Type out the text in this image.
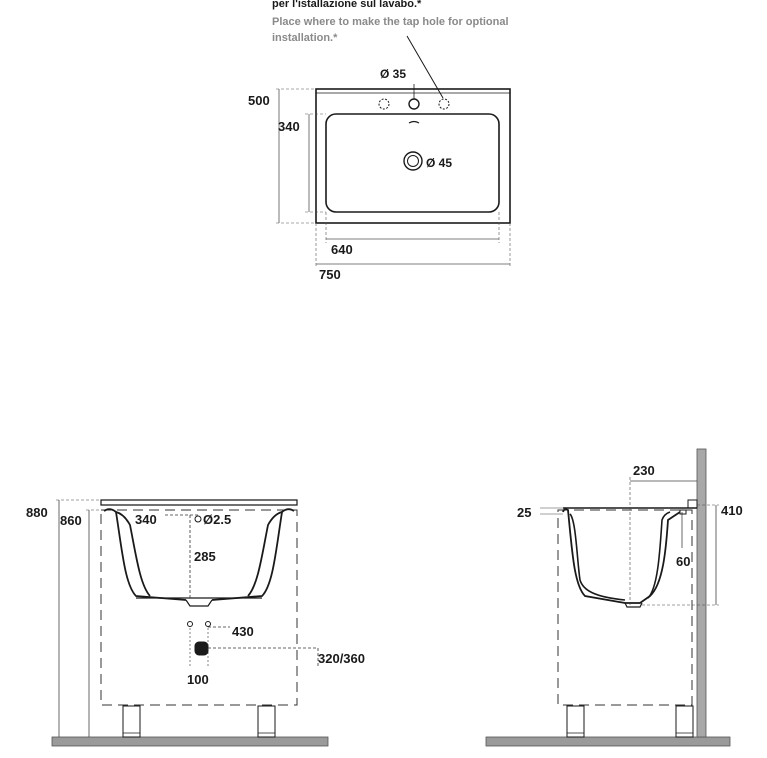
per l'istallazione sul lavabo.*
Place where to make the tap hole for optional
installation.*
Ø 35
Ø 45
500
340
640
750
880
860	340	Ø2.5
285
430
320/360
100
230
25	410
60
